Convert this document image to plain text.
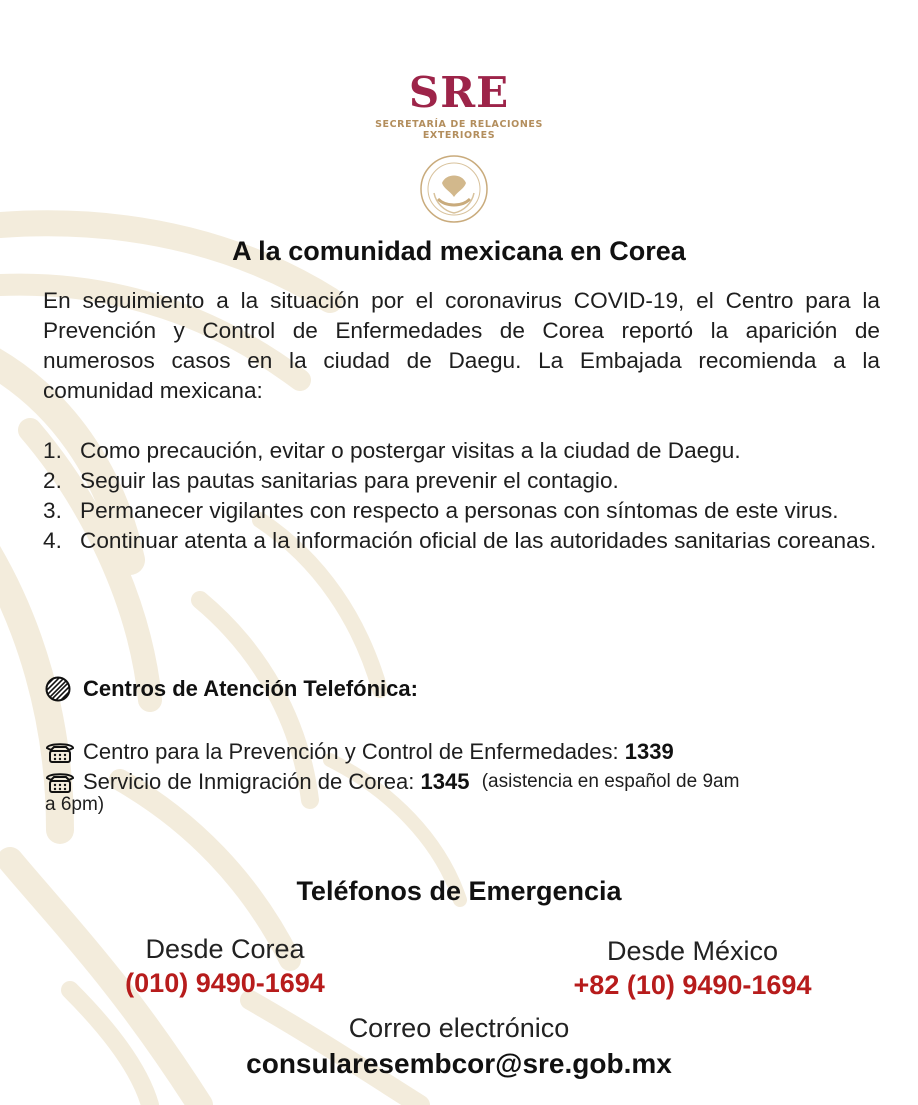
SRE
SECRETARÍA DE RELACIONES
EXTERIORES
A la comunidad mexicana en Corea

En seguimiento a la situación por el coronavirus COVID-19, el Centro para la Prevención y Control de Enfermedades de Corea reportó la aparición de numerosos casos en la ciudad de Daegu. La Embajada recomienda a la comunidad mexicana:

1. Como precaución, evitar o postergar visitas a la ciudad de Daegu.
2. Seguir las pautas sanitarias para prevenir el contagio.
3. Permanecer vigilantes con respecto a personas con síntomas de este virus.
4. Continuar atenta a la información oficial de las autoridades sanitarias coreanas.
Centros de Atención Telefónica:
Centro para la Prevención y Control de Enfermedades:
1339
Servicio de Inmigración de Corea:
1345
(asistencia en español de 9am
a 6pm)
Teléfonos de Emergencia
Desde Corea
(010) 9490-1694
Desde México
+82 (10) 9490-1694
Correo electrónico
consularesembcor@sre.gob.mx
